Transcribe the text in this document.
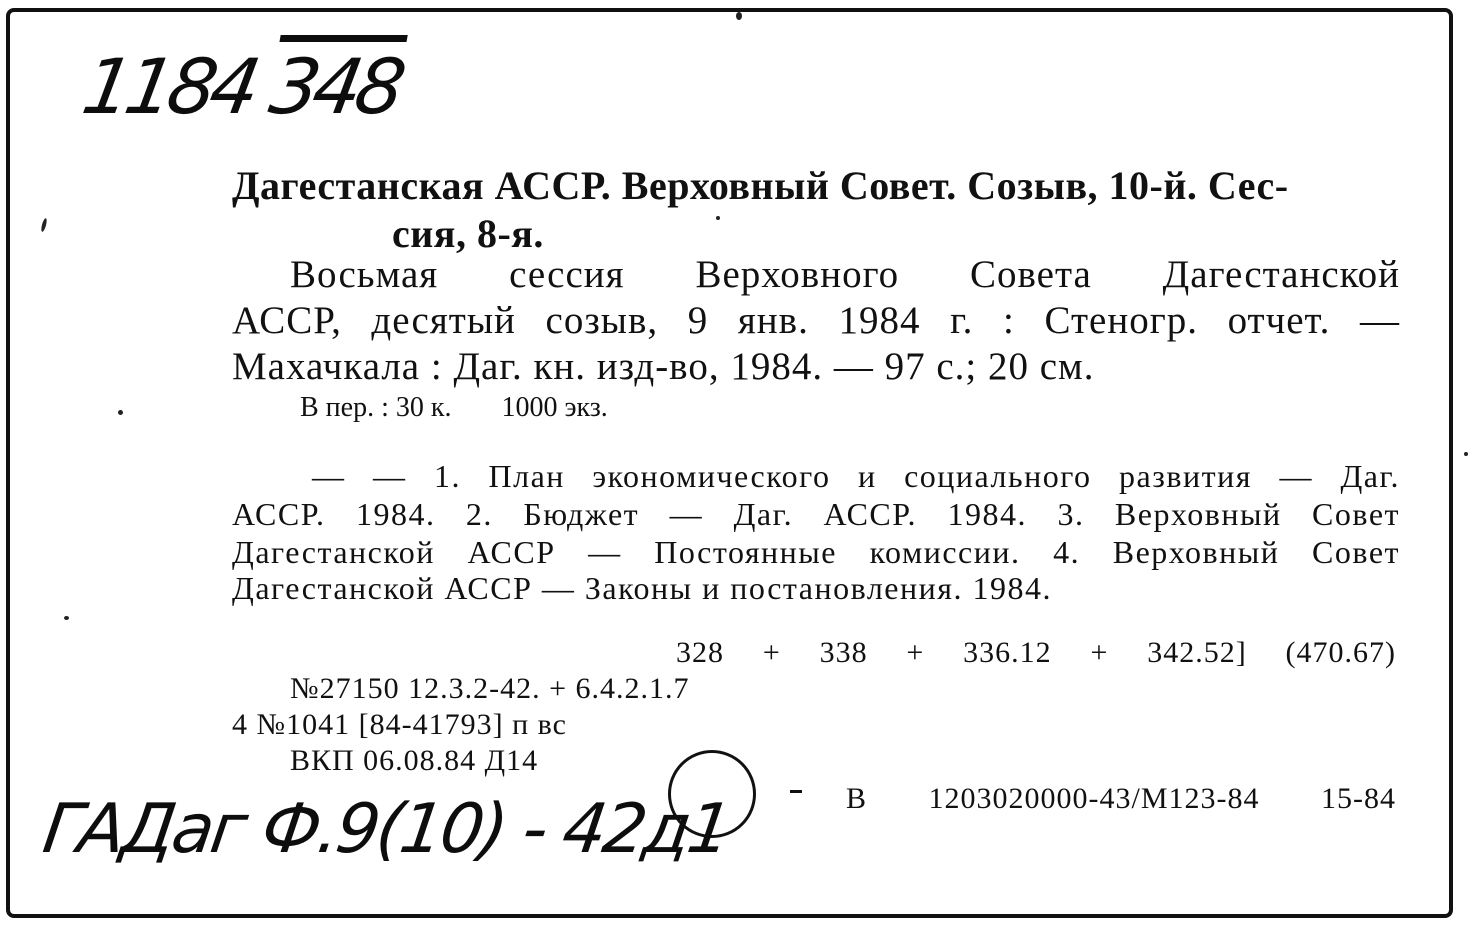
1184 348
Дагестанская АССР. Верховный Совет. Созыв, 10-й. Сес-
сия, 8-я.
Восьмая сессия Верховного Совета Дагестанской
АССР, десятый созыв, 9 янв. 1984 г. : Стеногр. отчет. —
Махачкала : Даг. кн. изд-во, 1984. — 97 с.; 20 см.
В пер. : 30 к. 1000 экз.
— — 1. План экономического и социального развития — Даг.
АССР. 1984. 2. Бюджет — Даг. АССР. 1984. 3. Верховный Совет
Дагестанской АССР — Постоянные комиссии. 4. Верховный Совет
Дагестанской АССР — Законы и постановления. 1984.
328 + 338 + 336.12 + 342.52] (470.67)
№27150 12.3.2-42. + 6.4.2.1.7
4 №1041 [84-41793] п вс
ВКП 06.08.84 Д14
В 1203020000-43/М123-84 15-84
ГАДаг Ф.9(10) - 42д1
